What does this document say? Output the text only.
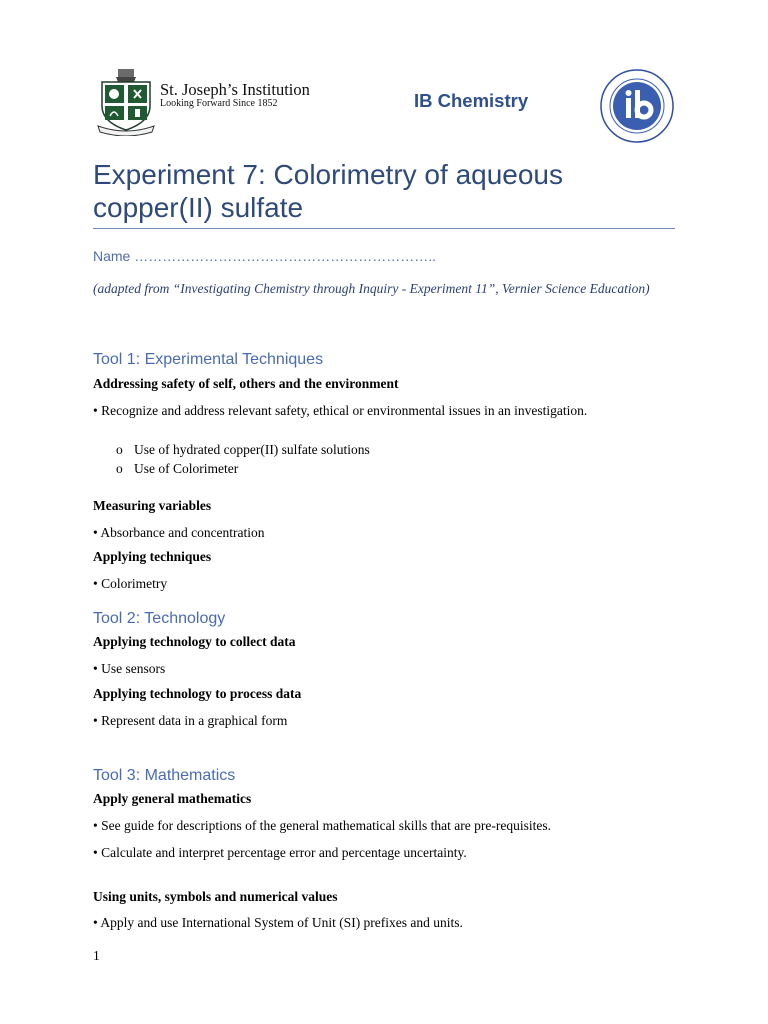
St. Joseph’s Institution
Looking Forward Since 1852	IB Chemistry
Experiment 7: Colorimetry of aqueous copper(II) sulfate
Name ………………………………………………………..
(adapted from “Investigating Chemistry through Inquiry - Experiment 11”, Vernier Science Education)
Tool 1: Experimental Techniques
Addressing safety of self, others and the environment
• Recognize and address relevant safety, ethical or environmental issues in an investigation.
o Use of hydrated copper(II) sulfate solutions
o Use of Colorimeter
Measuring variables
• Absorbance and concentration
Applying techniques
• Colorimetry
Tool 2: Technology
Applying technology to collect data
• Use sensors
Applying technology to process data
• Represent data in a graphical form
Tool 3: Mathematics
Apply general mathematics
• See guide for descriptions of the general mathematical skills that are pre-requisites.
• Calculate and interpret percentage error and percentage uncertainty.
Using units, symbols and numerical values
• Apply and use International System of Unit (SI) prefixes and units.
1
